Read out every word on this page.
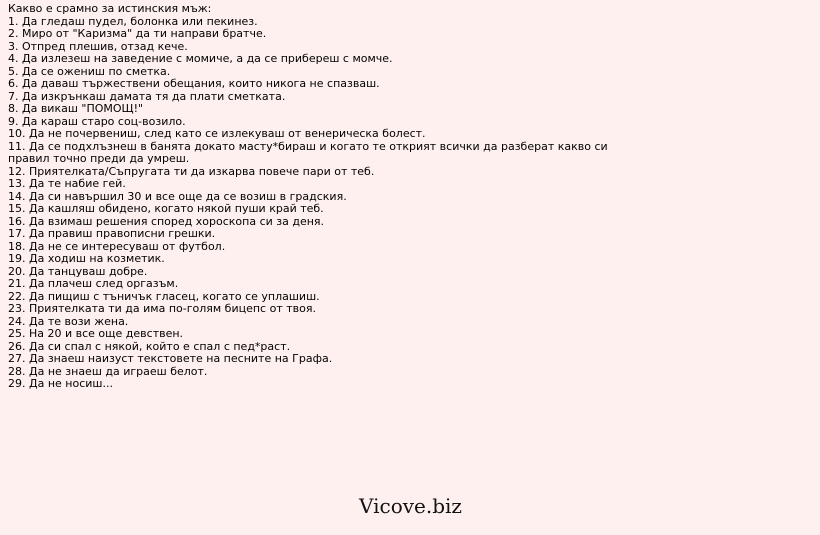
Какво е срамно за истинския мъж:
1. Да гледаш пудел, болонка или пекинез.
2. Миро от "Каризма" да ти направи братче.
3. Отпред плешив, отзад кече.
4. Да излезеш на заведение с момиче, а да се прибереш с момче.
5. Да се ожениш по сметка.
6. Да даваш тържествени обещания, които никога не спазваш.
7. Да изкрънкаш дамата тя да плати сметката.
8. Да викаш "ПОМОЩ!"
9. Да караш старо соц-возило.
10. Да не почервениш, след като се излекуваш от венерическа болест.
11. Да се подхлъзнеш в банята докато масту*бираш и когато те открият всички да разберат какво си правил точно преди да умреш.
12. Приятелката/Съпругата ти да изкарва повече пари от теб.
13. Да те набие гей.
14. Да си навършил 30 и все още да се возиш в градския.
15. Да кашляш обидено, когато някой пуши край теб.
16. Да взимаш решения според хороскопа си за деня.
17. Да правиш правописни грешки.
18. Да не се интересуваш от футбол.
19. Да ходиш на козметик.
20. Да танцуваш добре.
21. Да плачеш след оргазъм.
22. Да пищиш с тъничък гласец, когато се уплашиш.
23. Приятелката ти да има по-голям бицепс от твоя.
24. Да те вози жена.
25. На 20 и все още девствен.
26. Да си спал с някой, който е спал с пед*раст.
27. Да знаеш наизуст текстовете на песните на Графа.
28. Да не знаеш да играеш белот.
29. Да не носиш...
Vicove.biz
